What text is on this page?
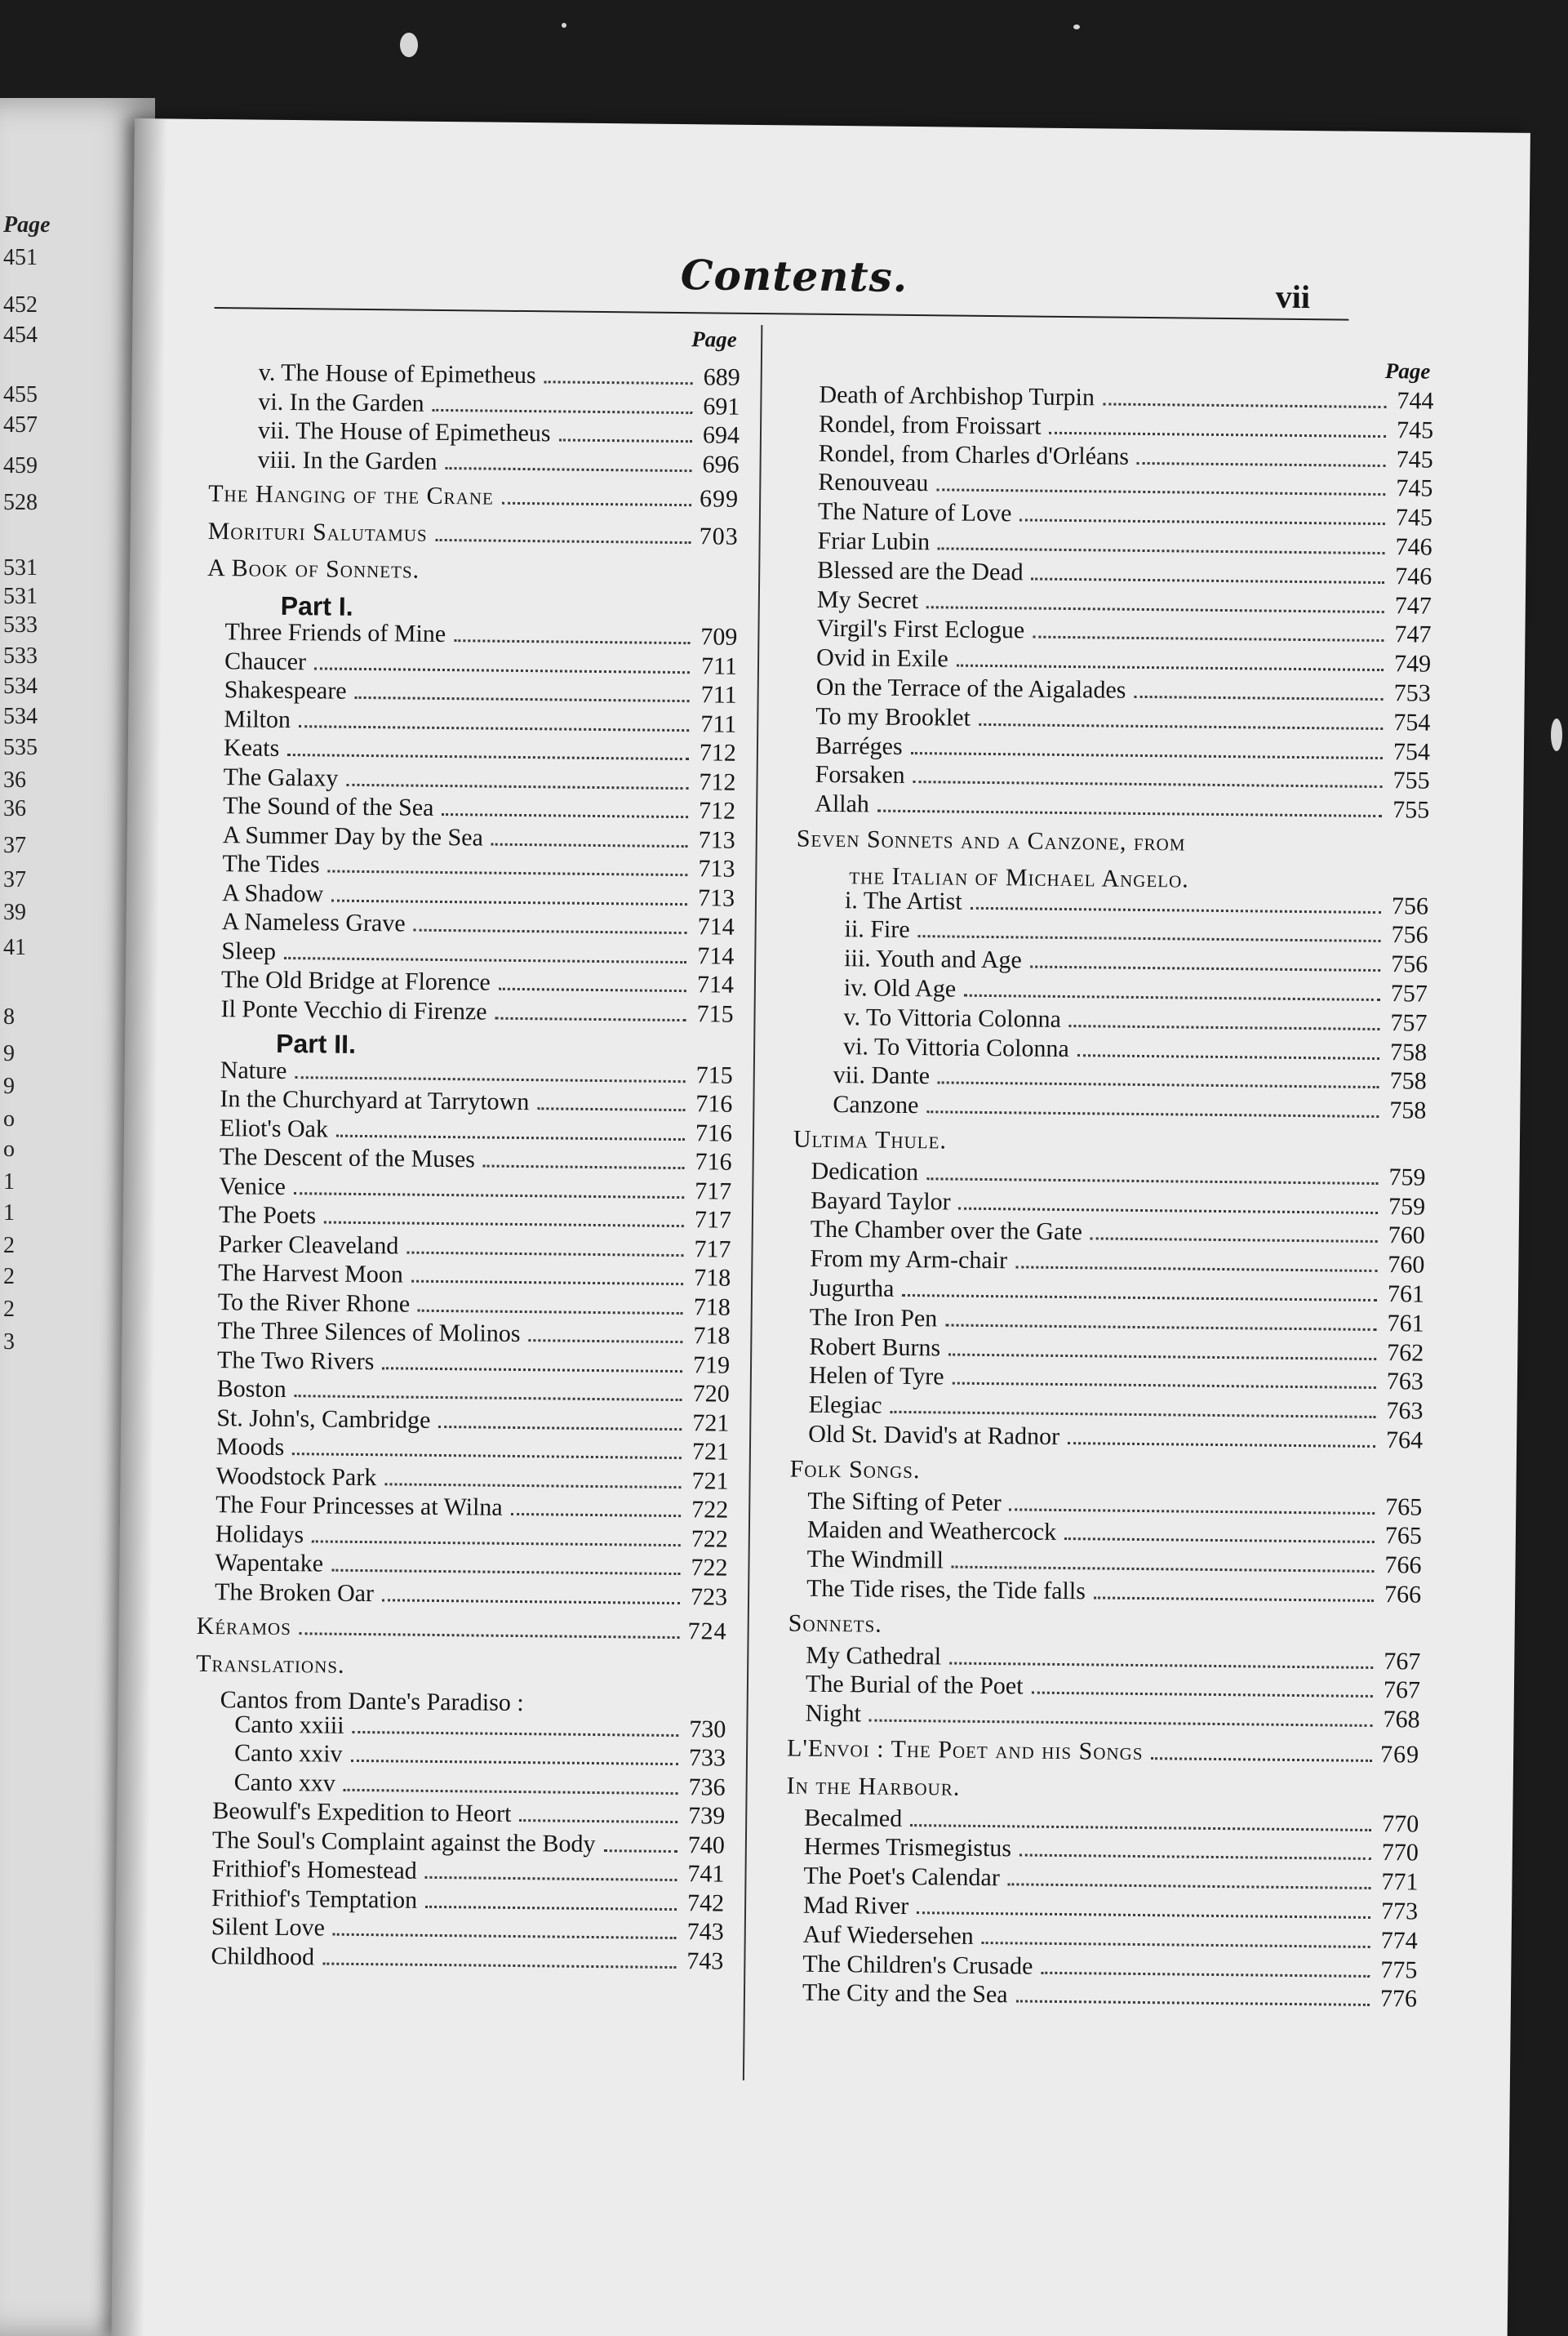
Page
451
452
454
455
457
459
528
531
531
533
533
534
534
535
36
36
37
37
39
41
8
9
9
o
o
1
1
2
2
2
3
Contents.	vii
Page
v. The House of Epimetheus	689
vi. In the Garden	691
vii. The House of Epimetheus	694
viii. In the Garden	696
The Hanging of the Crane	699
Morituri Salutamus	703
A Book of Sonnets.
Part I.
Three Friends of Mine	709
Chaucer	711
Shakespeare	711
Milton	711
Keats	712
The Galaxy	712
The Sound of the Sea	712
A Summer Day by the Sea	713
The Tides	713
A Shadow	713
A Nameless Grave	714
Sleep	714
The Old Bridge at Florence	714
Il Ponte Vecchio di Firenze	715
Part II.
Nature	715
In the Churchyard at Tarrytown	716
Eliot's Oak	716
The Descent of the Muses	716
Venice	717
The Poets	717
Parker Cleaveland	717
The Harvest Moon	718
To the River Rhone	718
The Three Silences of Molinos	718
The Two Rivers	719
Boston	720
St. John's, Cambridge	721
Moods	721
Woodstock Park	721
The Four Princesses at Wilna	722
Holidays	722
Wapentake	722
The Broken Oar	723
Kéramos	724
Translations.
Cantos from Dante's Paradiso :
Canto xxiii	730
Canto xxiv	733
Canto xxv	736
Beowulf's Expedition to Heort	739
The Soul's Complaint against the Body	740
Frithiof's Homestead	741
Frithiof's Temptation	742
Silent Love	743
Childhood	743
Page
Death of Archbishop Turpin	744
Rondel, from Froissart	745
Rondel, from Charles d'Orléans	745
Renouveau	745
The Nature of Love	745
Friar Lubin	746
Blessed are the Dead	746
My Secret	747
Virgil's First Eclogue	747
Ovid in Exile	749
On the Terrace of the Aigalades	753
To my Brooklet	754
Barréges	754
Forsaken	755
Allah	755
Seven Sonnets and a Canzone, from
the Italian of Michael Angelo.
i. The Artist	756
ii. Fire	756
iii. Youth and Age	756
iv. Old Age	757
v. To Vittoria Colonna	757
vi. To Vittoria Colonna	758
vii. Dante	758
Canzone	758
Ultima Thule.
Dedication	759
Bayard Taylor	759
The Chamber over the Gate	760
From my Arm-chair	760
Jugurtha	761
The Iron Pen	761
Robert Burns	762
Helen of Tyre	763
Elegiac	763
Old St. David's at Radnor	764
Folk Songs.
The Sifting of Peter	765
Maiden and Weathercock	765
The Windmill	766
The Tide rises, the Tide falls	766
Sonnets.
My Cathedral	767
The Burial of the Poet	767
Night	768
L'Envoi : The Poet and his Songs	769
In the Harbour.
Becalmed	770
Hermes Trismegistus	770
The Poet's Calendar	771
Mad River	773
Auf Wiedersehen	774
The Children's Crusade	775
The City and the Sea	776
